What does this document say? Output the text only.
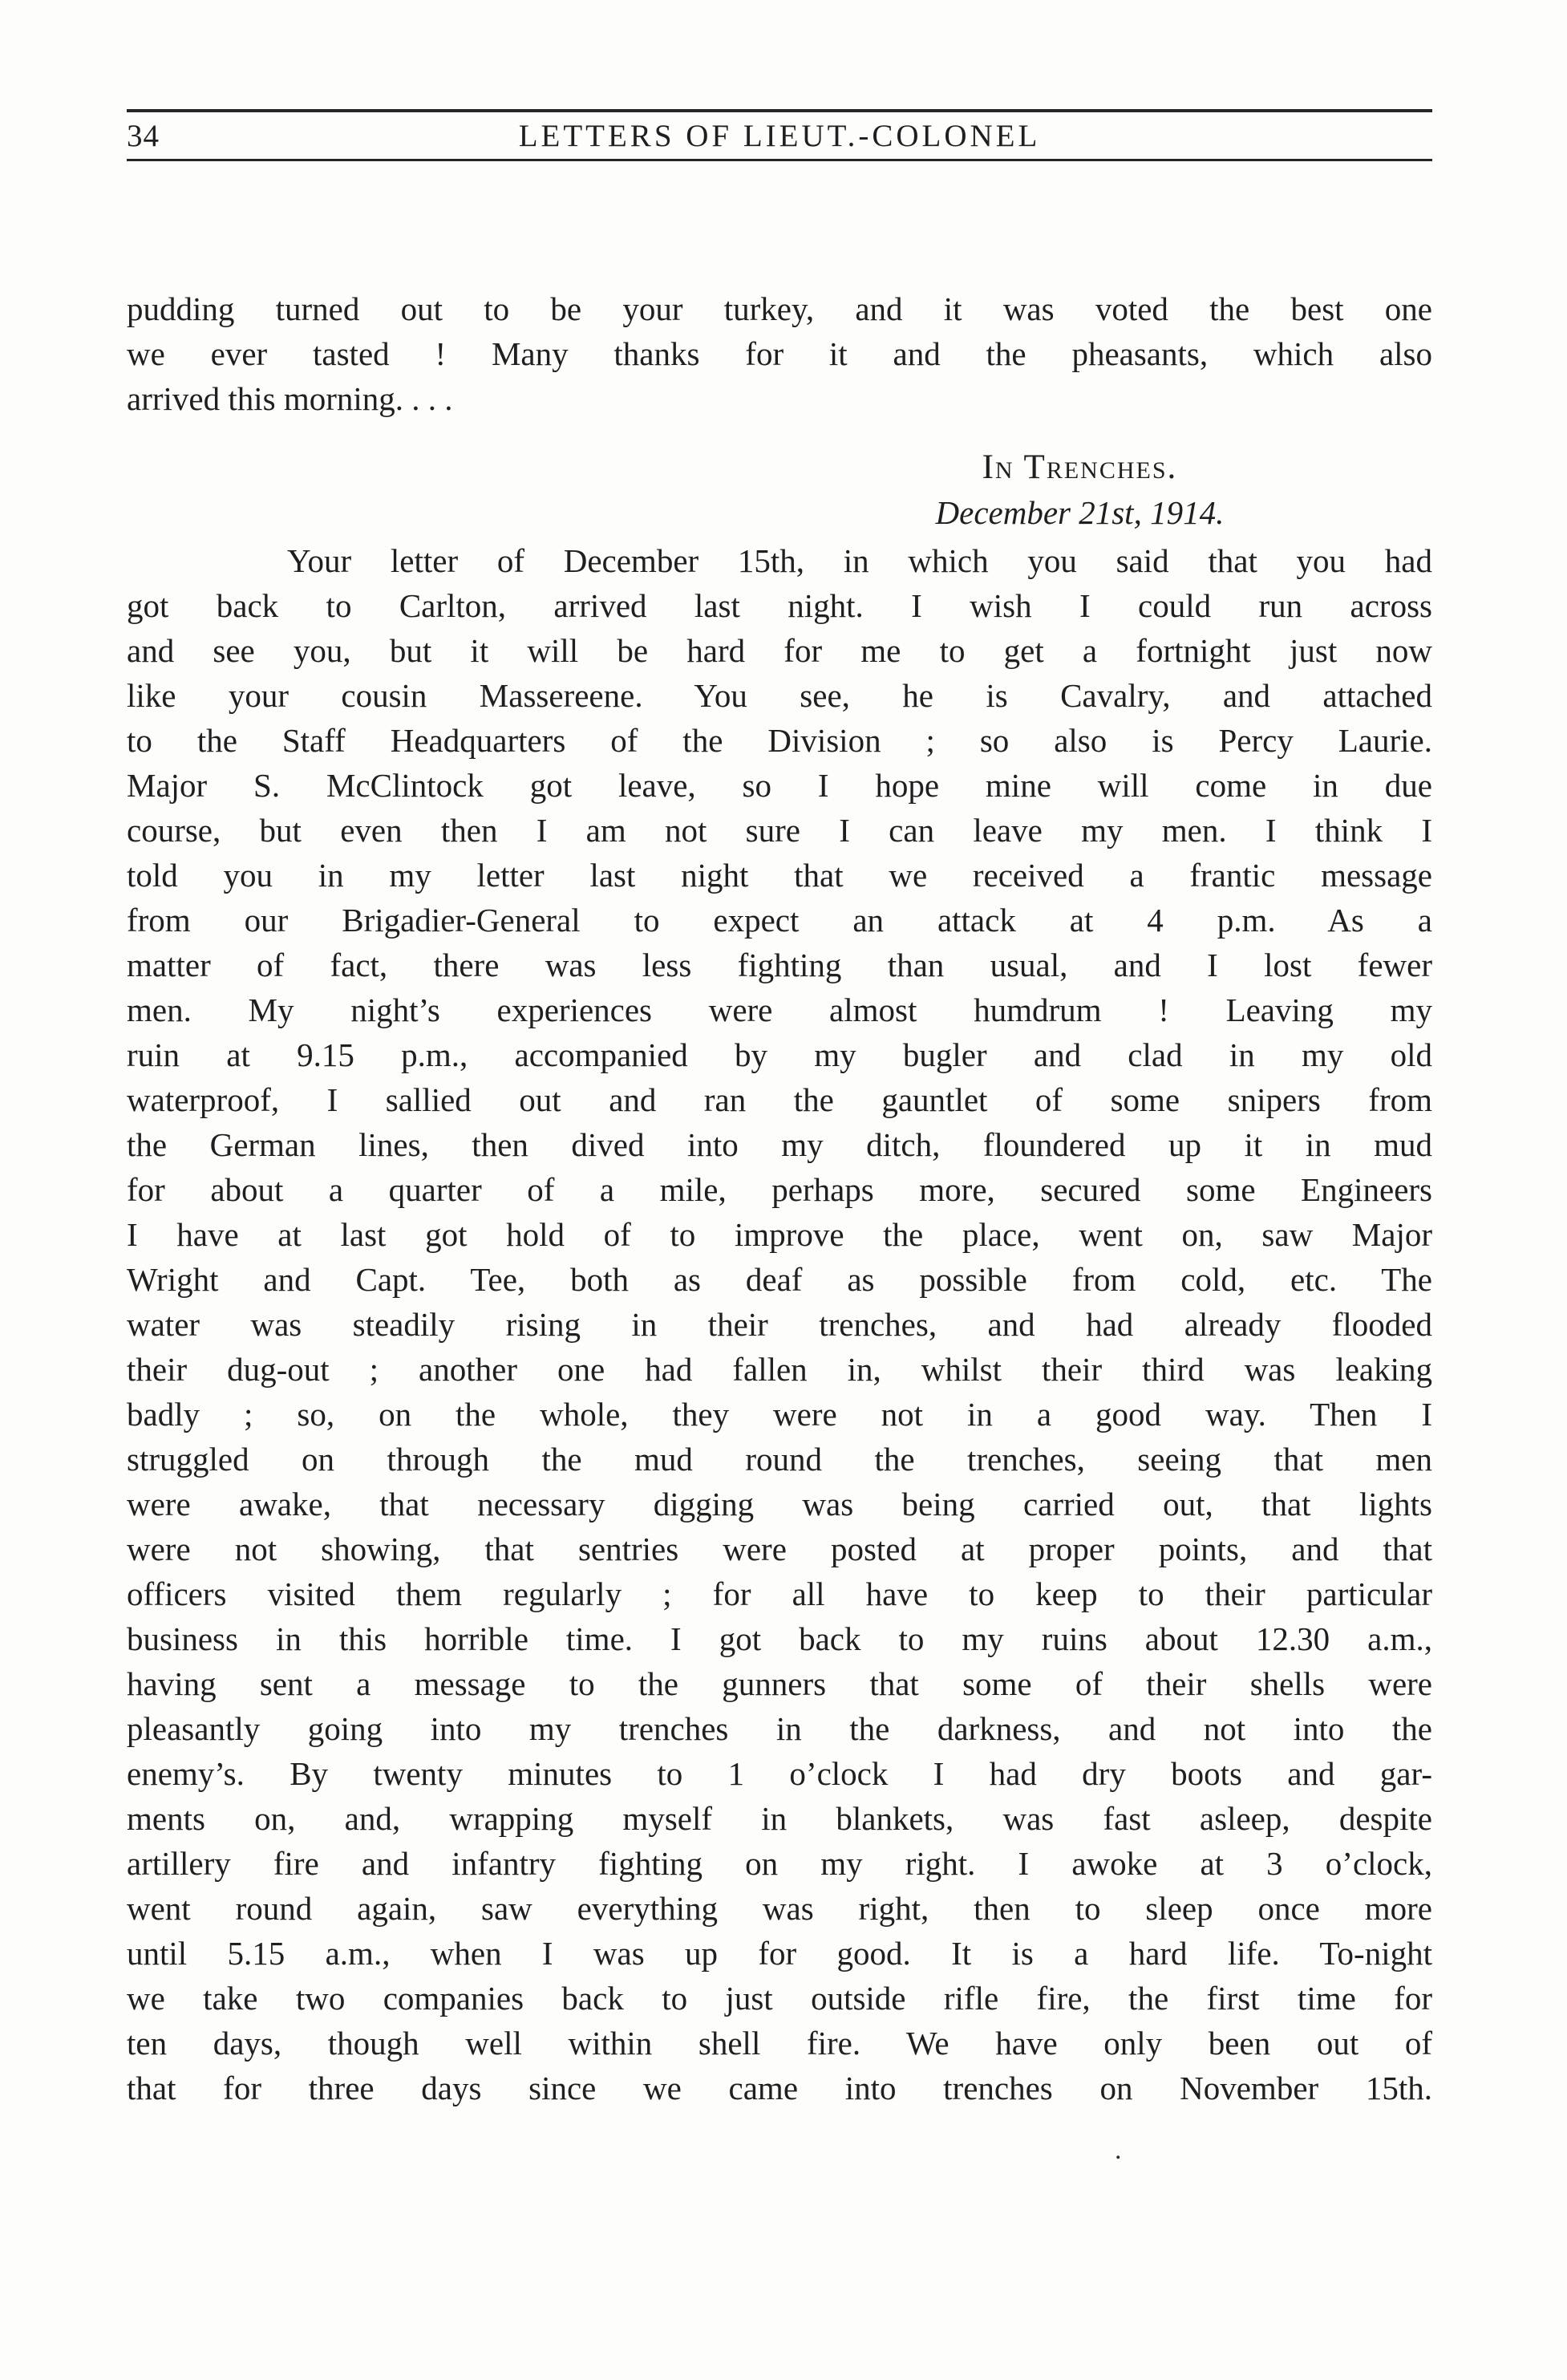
34	LETTERS OF LIEUT.-COLONEL
pudding turned out to be your turkey, and it was voted the best one
we ever tasted ! Many thanks for it and the pheasants, which also
arrived this morning. . . .
In Trenches.
December 21st, 1914.
Your letter of December 15th, in which you said that you had
got back to Carlton, arrived last night. I wish I could run across
and see you, but it will be hard for me to get a fortnight just now
like your cousin Massereene. You see, he is Cavalry, and attached
to the Staff Headquarters of the Division ; so also is Percy Laurie.
Major S. McClintock got leave, so I hope mine will come in due
course, but even then I am not sure I can leave my men. I think I
told you in my letter last night that we received a frantic message
from our Brigadier-General to expect an attack at 4 p.m. As a
matter of fact, there was less fighting than usual, and I lost fewer
men. My night’s experiences were almost humdrum ! Leaving my
ruin at 9.15 p.m., accompanied by my bugler and clad in my old
waterproof, I sallied out and ran the gauntlet of some snipers from
the German lines, then dived into my ditch, floundered up it in mud
for about a quarter of a mile, perhaps more, secured some Engineers
I have at last got hold of to improve the place, went on, saw Major
Wright and Capt. Tee, both as deaf as possible from cold, etc. The
water was steadily rising in their trenches, and had already flooded
their dug-out ; another one had fallen in, whilst their third was leaking
badly ; so, on the whole, they were not in a good way. Then I
struggled on through the mud round the trenches, seeing that men
were awake, that necessary digging was being carried out, that lights
were not showing, that sentries were posted at proper points, and that
officers visited them regularly ; for all have to keep to their particular
business in this horrible time. I got back to my ruins about 12.30 a.m.,
having sent a message to the gunners that some of their shells were
pleasantly going into my trenches in the darkness, and not into the
enemy’s. By twenty minutes to 1 o’clock I had dry boots and gar-
ments on, and, wrapping myself in blankets, was fast asleep, despite
artillery fire and infantry fighting on my right. I awoke at 3 o’clock,
went round again, saw everything was right, then to sleep once more
until 5.15 a.m., when I was up for good. It is a hard life. To-night
we take two companies back to just outside rifle fire, the first time for
ten days, though well within shell fire. We have only been out of
that for three days since we came into trenches on November 15th.
.
